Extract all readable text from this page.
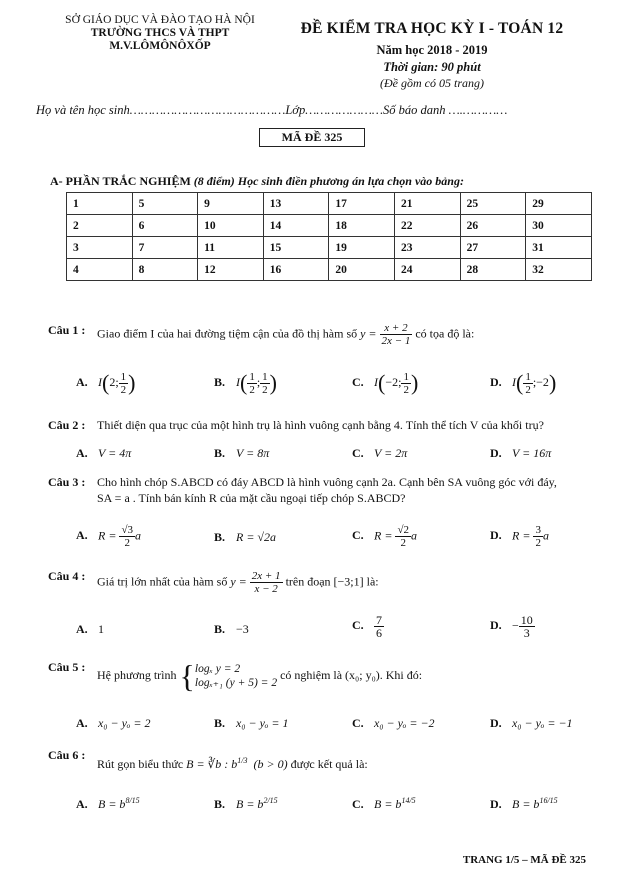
SỞ GIÁO DỤC VÀ ĐÀO TẠO HÀ NỘI
TRƯỜNG THCS VÀ THPT
M.V.LÔMÔNÔXỐP
ĐỀ KIỂM TRA HỌC KỲ I - TOÁN 12
Năm học 2018 - 2019
Thời gian: 90 phút
(Đề gồm có 05 trang)
Họ và tên học sinh……………………………………Lớp…………………Số báo danh ….…………
MÃ ĐỀ 325
A- PHẦN TRẮC NGHIỆM (8 điểm) Học sinh điền phương án lựa chọn vào bảng:
1	5	9	13	17	21	25	29
2	6	10	14	18	22	26	30
3	7	11	15	19	23	27	31
4	8	12	16	20	24	28	32
Câu 1 : Giao điểm I của hai đường tiệm cận của đồ thị hàm số $y = \frac{x + 2}{2x - 1}$ có tọa độ là:
A. I(2; $\frac{1}{2}$ )	B. $I( \frac{1}{2}$ ; $\frac{1}{2}$ )	C. I(−2; $\frac{1}{2}$ )	D. $I( \frac{1}{2}$ ;−2)
Câu 2 : Thiết diện qua trục của một hình trụ là hình vuông cạnh bằng 4. Tính thể tích V của khối trụ?
A. V = 4π	B. V = 8π	C. V = 2π	D. V = 16π
Câu 3 : Cho hình chóp S.ABCD có đáy ABCD là hình vuông cạnh 2a. Cạnh bên SA vuông góc với đáy,
SA = a . Tính bán kính R của mặt cầu ngoại tiếp chóp S.ABCD?
A. $R = \frac{√3}{2}$ a	B. R = √2a	C. $R = \frac{√2}{2}$ a	D. $R = \frac{3}{2}$ a
Câu 4 : Giá trị lớn nhất của hàm số $y = \frac{2x + 1}{x - 2}$ trên đoạn [−3;1] là:
A. 1	B. −3	C. $\frac{7}{6}$	D. − $\frac{10}{3}$
Câu 5 :
Hệ phương trình { logₓ y = 2
logₓ₊₁ (y + 5) = 2
có nghiệm là (x₀; y₀). Khi đó:
A. x₀ − yₒ = 2	B. x₀ − yₒ = 1	C. x₀ − yₒ = −2	D. x₀ − yₒ = −1
Câu 6 :
Rút gọn biểu thức B = ∛b : $b^{1/3}$ (b > 0) được kết quả là:
A. $B = b^{8/15}$	B. $B = b^{2/15}$	C. $B = b^{14/5}$	D. $B = b^{16/15}$
TRANG 1/5 – MÃ ĐỀ 325
